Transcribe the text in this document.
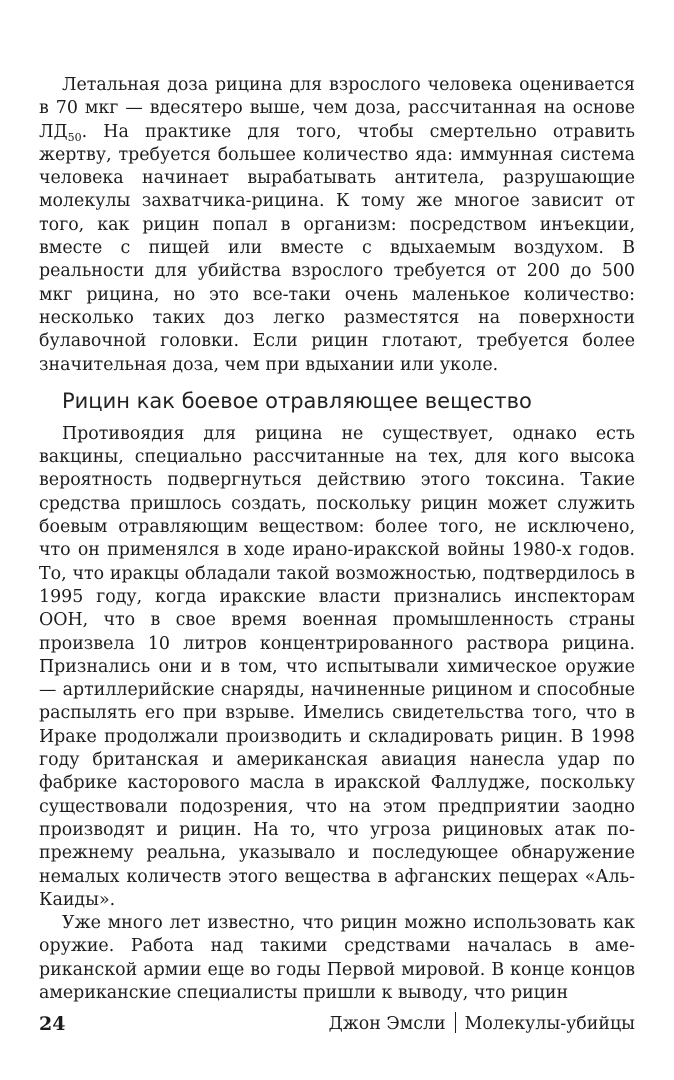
Летальная доза рицина для взрослого человека оценивается в 70 мкг — вдесятеро выше, чем доза, рассчитанная на основе $ЛД_{50}$. На практике для того, чтобы смертельно отравить жертву, требуется большее количество яда: иммунная система человека начинает вырабатывать антитела, разрушающие молекулы захватчика-рицина. К тому же многое зависит от того, как рицин попал в организм: посредством инъекции, вместе с пищей или вместе с вдыхаемым воздухом. В реальности для убийства взрослого требуется от 200 до 500 мкг рицина, но это все-таки очень маленькое количество: несколько таких доз легко разместятся на поверхности булавочной головки. Если рицин глотают, требуется более значительная доза, чем при вдыхании или уколе.

Рицин как боевое отравляющее вещество

Противоядия для рицина не существует, однако есть вакцины, специально рассчитанные на тех, для кого высока вероятность подвергнуться действию этого токсина. Такие средства пришлось создать, поскольку рицин может служить боевым отравляющим веществом: более того, не исключено, что он применялся в ходе ирано-иракской войны 1980-х годов. То, что иракцы обладали такой возможностью, подтвердилось в 1995 году, когда иракские власти признались инспекторам ООН, что в свое время военная промышленность страны произвела 10 литров концентрированного раствора рицина. Признались они и в том, что испытывали химическое оружие — артиллерийские снаряды, начиненные рицином и способные распылять его при взрыве. Имелись свидетельства того, что в Ираке продолжали производить и складировать рицин. В 1998 году британская и американская авиация нанесла удар по фабрике касторового масла в иракской Фаллудже, поскольку существовали подозрения, что на этом предприятии заодно производят и рицин. На то, что угроза рициновых атак по-прежнему реальна, указывало и последующее обнаружение немалых количеств этого вещества в афганских пещерах «Аль-Каиды».

Уже много лет известно, что рицин можно использовать как оружие. Работа над такими средствами началась в американской армии еще во годы Первой мировой. В конце концов американские специалисты пришли к выводу, что рицин

24	Джон Эмсли Молекулы-убийцы
